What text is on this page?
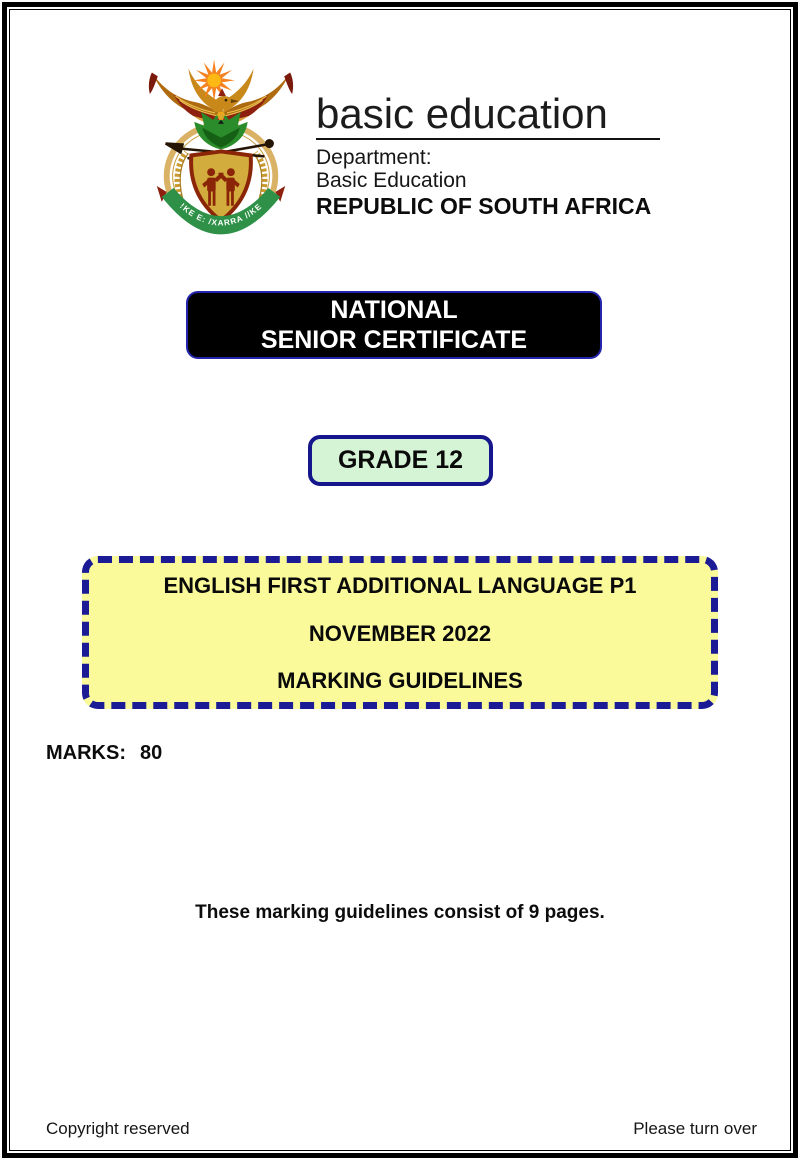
!KE E: /XARRA //KE
basic education
Department:
Basic Education
REPUBLIC OF SOUTH AFRICA
NATIONAL
SENIOR CERTIFICATE
GRADE 12
ENGLISH FIRST ADDITIONAL LANGUAGE P1
NOVEMBER 2022
MARKING GUIDELINES
MARKS: 80
These marking guidelines consist of 9 pages.
Copyright reserved	Please turn over
